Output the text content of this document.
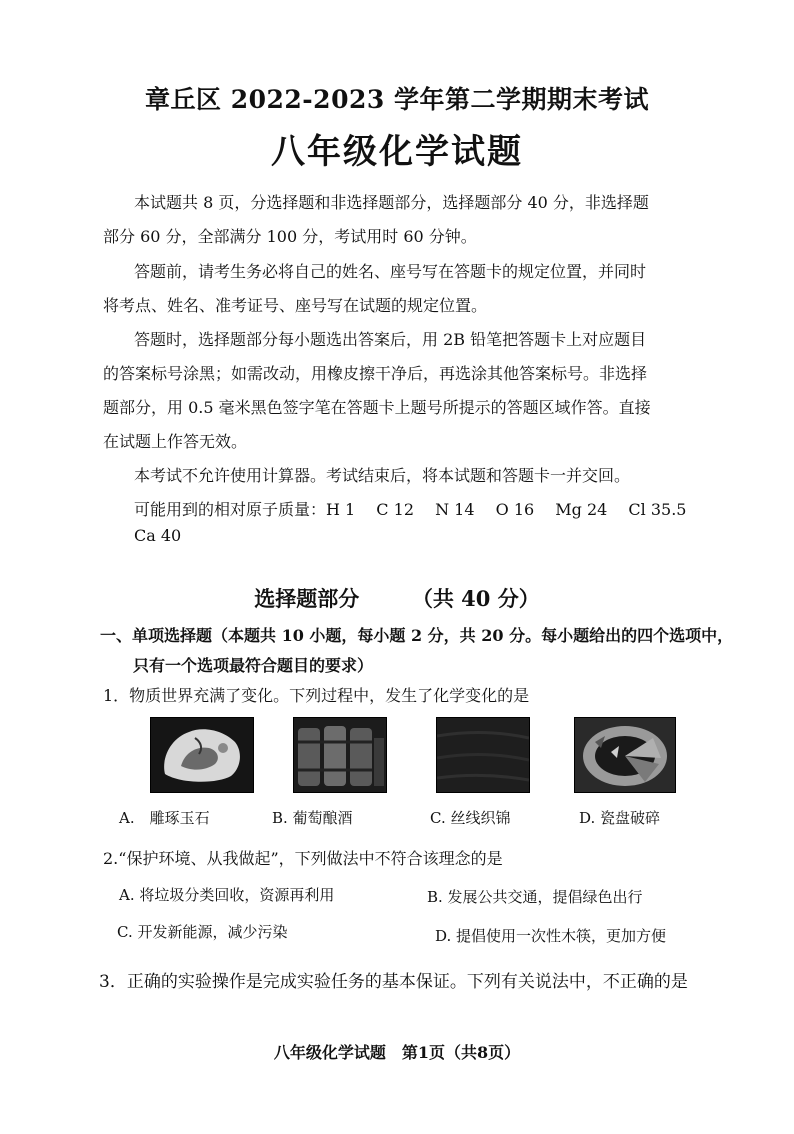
章丘区 2022-2023 学年第二学期期末考试
八年级化学试题
本试题共 8 页，分选择题和非选择题部分，选择题部分 40 分，非选择题
部分 60 分，全部满分 100 分，考试用时 60 分钟。
答题前，请考生务必将自己的姓名、座号写在答题卡的规定位置，并同时
将考点、姓名、准考证号、座号写在试题的规定位置。
答题时，选择题部分每小题选出答案后，用 2B 铅笔把答题卡上对应题目
的答案标号涂黑；如需改动，用橡皮擦干净后，再选涂其他答案标号。非选择
题部分，用 0.5 毫米黑色签字笔在答题卡上题号所提示的答题区域作答。直接
在试题上作答无效。
本考试不允许使用计算器。考试结束后，将本试题和答题卡一并交回。
可能用到的相对原子质量：H 1　 C 12　 N 14　 O 16　 Mg 24　 Cl 35.5
Ca 40
选择题部分	（共 40 分）
一、单项选择题（本题共 10 小题，每小题 2 分，共 20 分。每小题给出的四个选项中，
只有一个选项最符合题目的要求）
1．物质世界充满了变化。下列过程中，发生了化学变化的是
A.　雕琢玉石	B. 葡萄酿酒	C. 丝线织锦	D. 瓷盘破碎
2.“保护环境、从我做起”，下列做法中不符合该理念的是
A. 将垃圾分类回收，资源再利用	B. 发展公共交通，提倡绿色出行
C. 开发新能源，减少污染	D. 提倡使用一次性木筷，更加方便
3．正确的实验操作是完成实验任务的基本保证。下列有关说法中，不正确的是
八年级化学试题　第1页（共8页）
